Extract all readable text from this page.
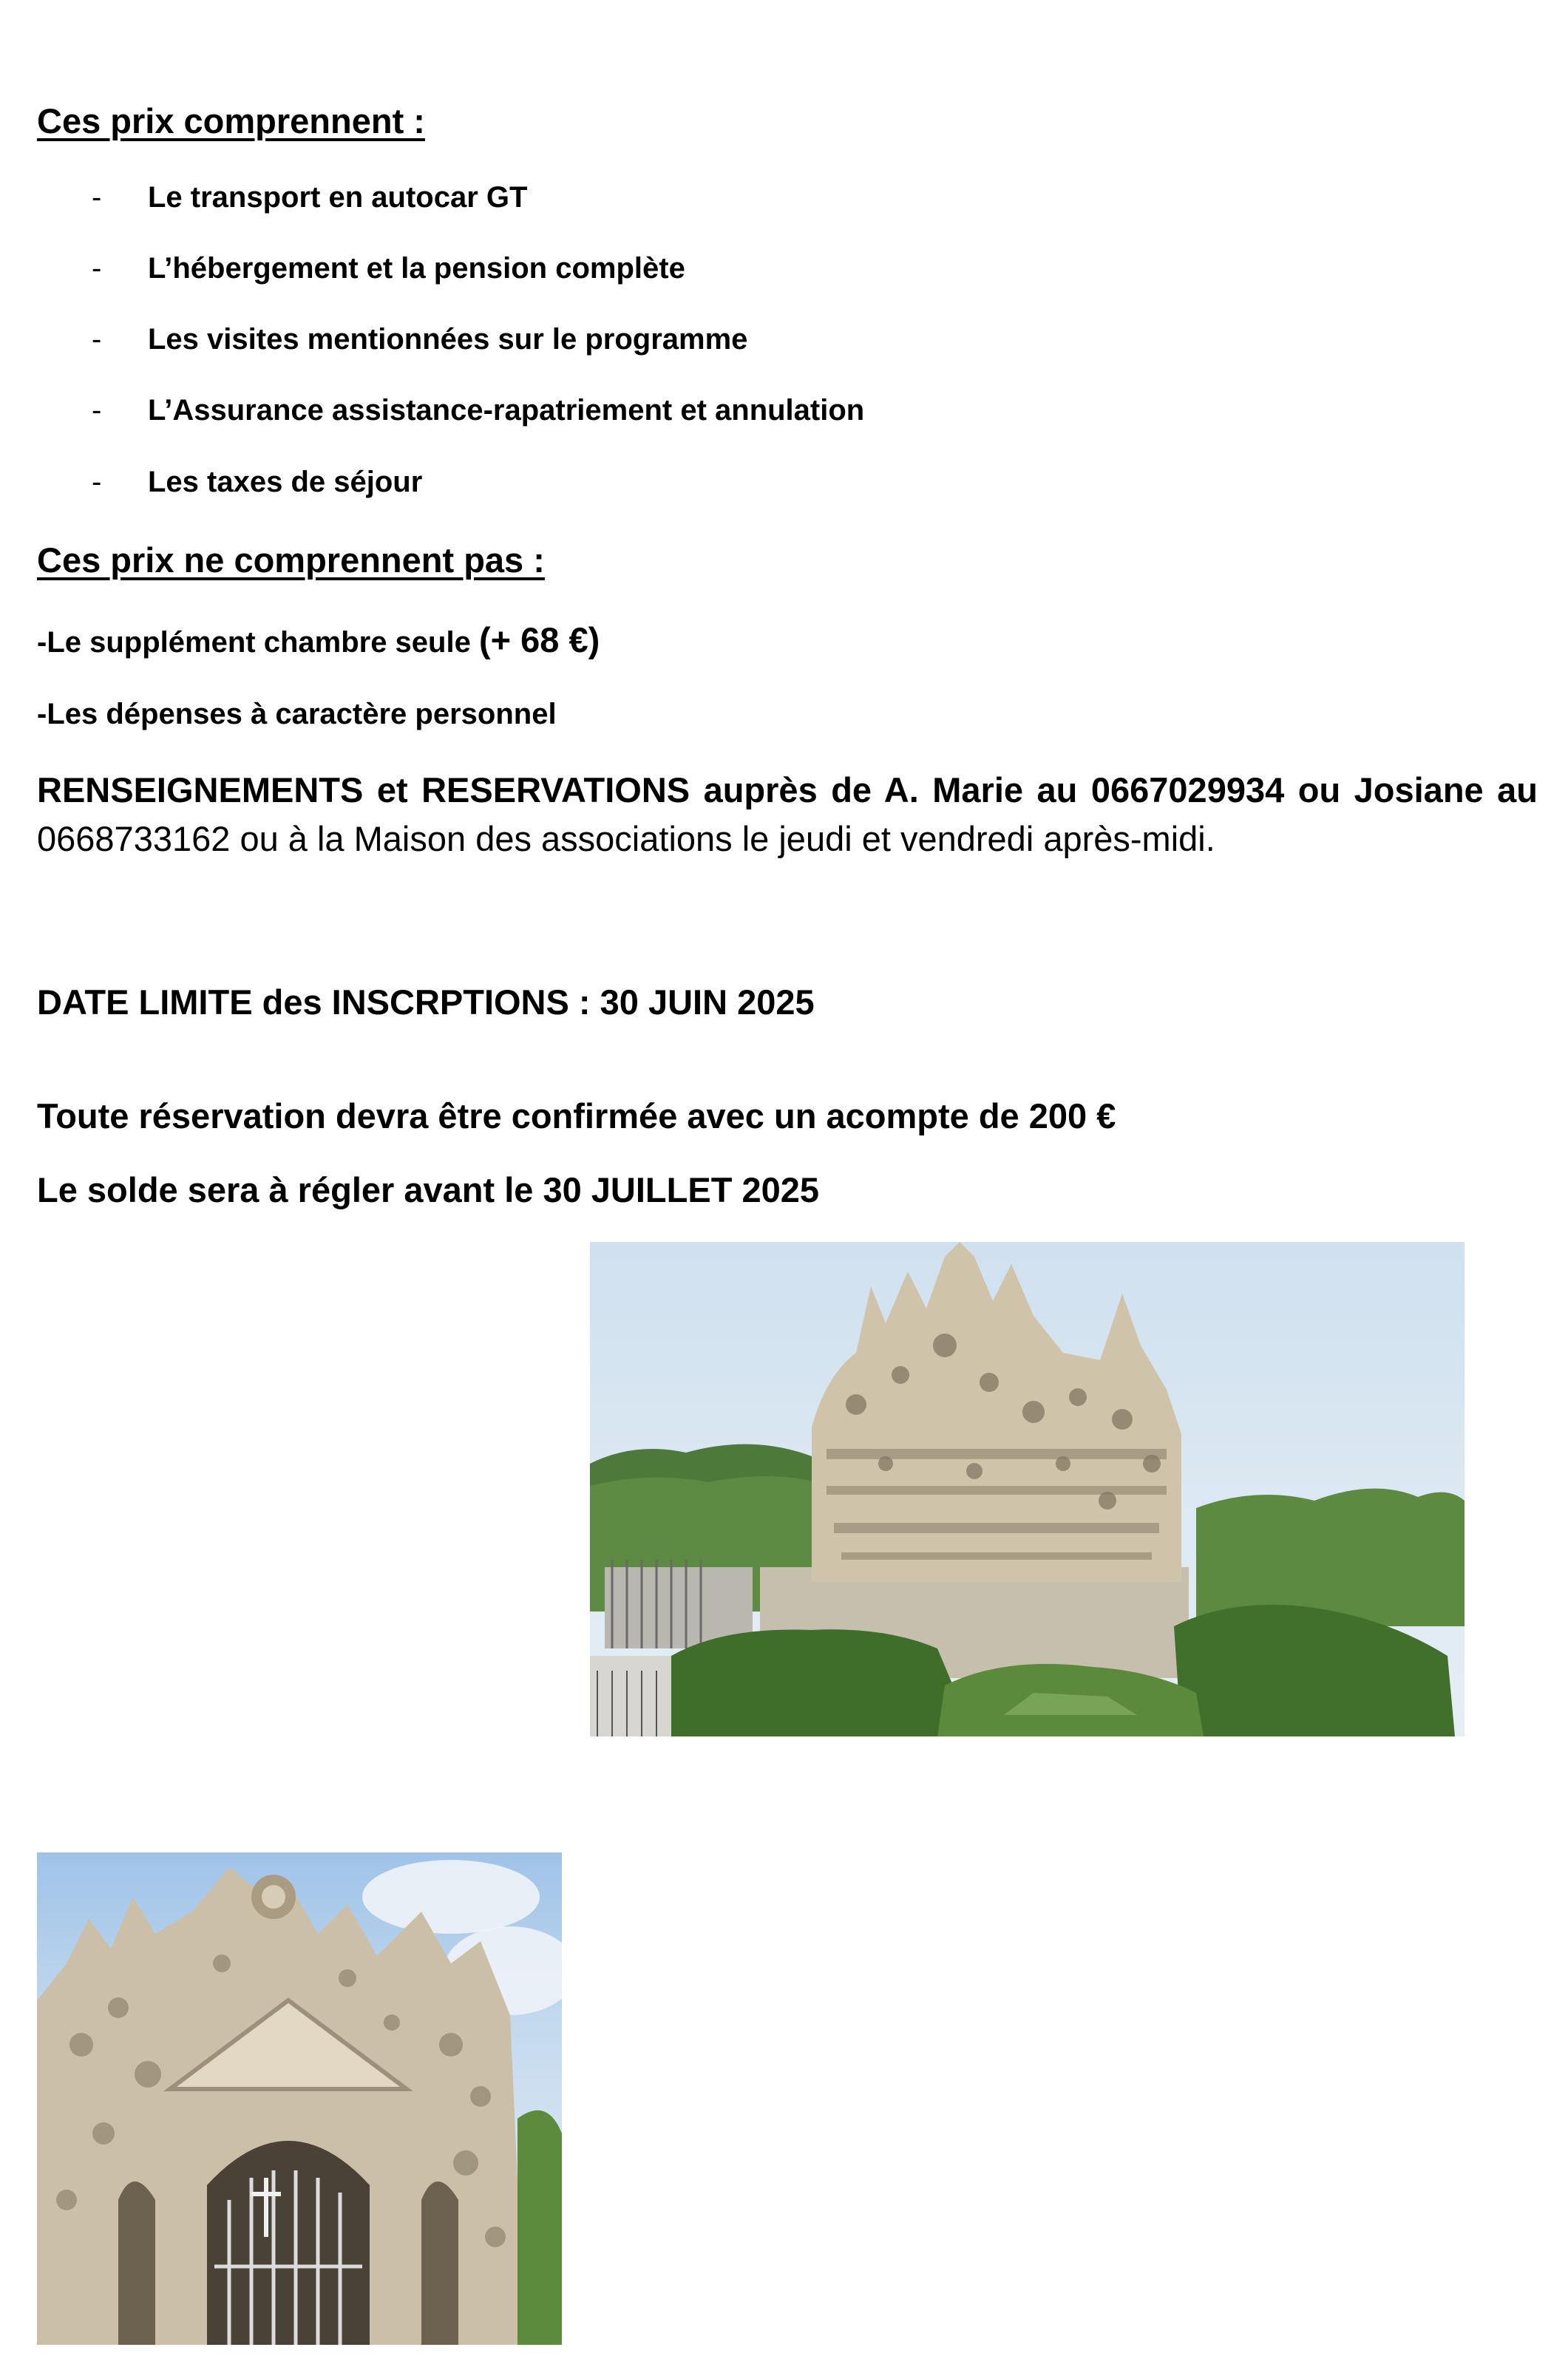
Ces prix comprennent :
- Le transport en autocar GT
- L’hébergement et la pension complète
- Les visites mentionnées sur le programme
- L’Assurance assistance-rapatriement et annulation
- Les taxes de séjour
Ces prix ne comprennent pas :

-Le supplément chambre seule (+ 68 €)

-Les dépenses à caractère personnel

RENSEIGNEMENTS et RESERVATIONS auprès de A. Marie au 0667029934 ou Josiane au 0668733162 ou à la Maison des associations le jeudi et vendredi après-midi.

DATE LIMITE des INSCRPTIONS : 30 JUIN 2025

Toute réservation devra être confirmée avec un acompte de 200 €

Le solde sera à régler avant le 30 JUILLET 2025
